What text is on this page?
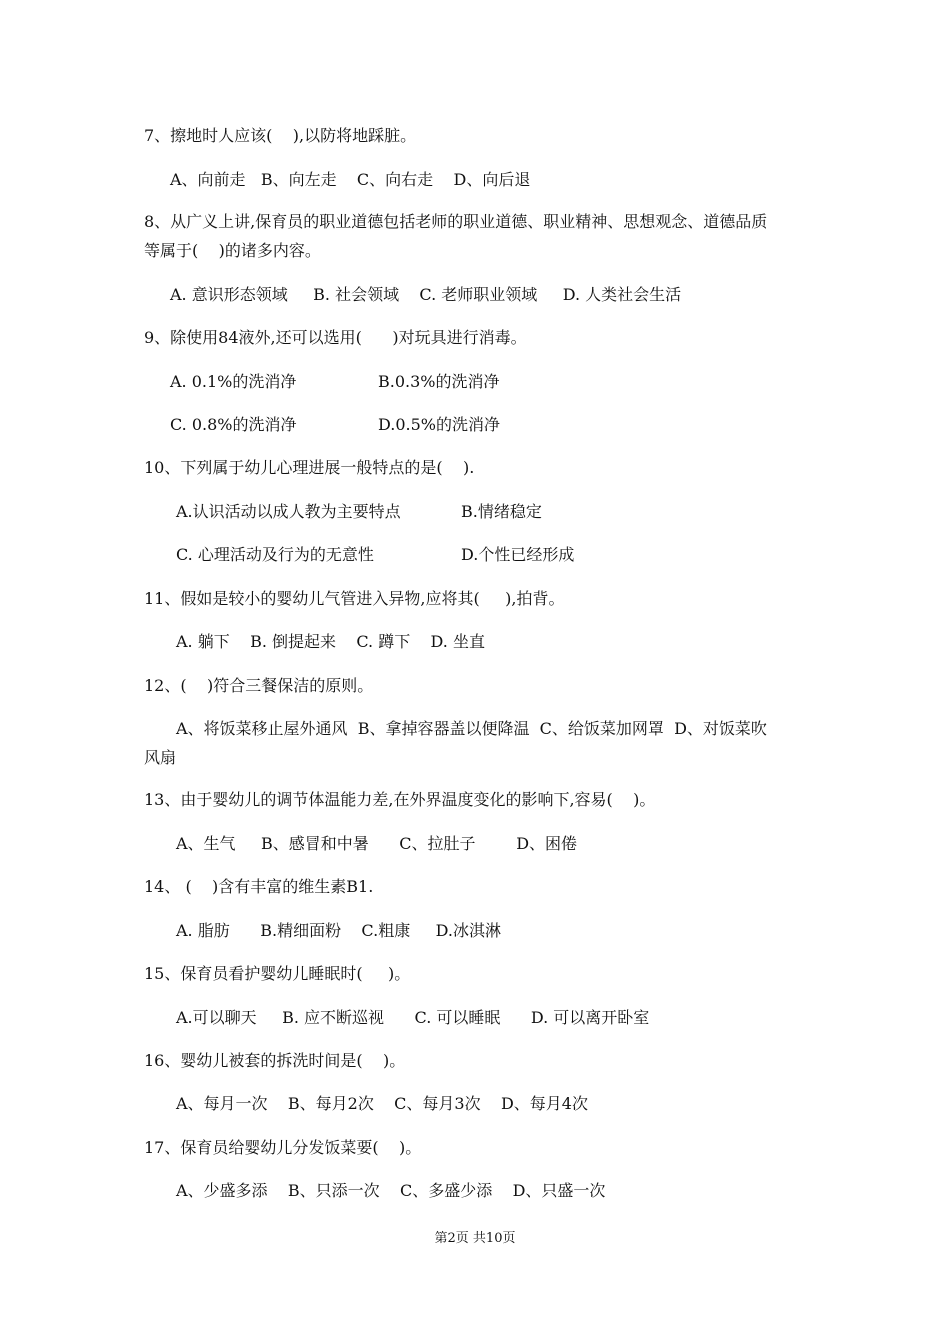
7、擦地时人应该(    ),以防将地踩脏。
A、向前走   B、向左走    C、向右走    D、向后退
8、从广义上讲,保育员的职业道德包括老师的职业道德、职业精神、思想观念、道德品质
等属于(    )的诸多内容。
A. 意识形态领域     B. 社会领域    C. 老师职业领域     D. 人类社会生活
9、除使用84液外,还可以选用(      )对玩具进行消毒。
A. 0.1%的洗消净	B.0.3%的洗消净
C. 0.8%的洗消净	D.0.5%的洗消净
10、下列属于幼儿心理进展一般特点的是(    ).
A.认识活动以成人教为主要特点	B.情绪稳定
C. 心理活动及行为的无意性	D.个性已经形成
11、假如是较小的婴幼儿气管进入异物,应将其(     ),拍背。
A. 躺下    B. 倒提起来    C. 蹲下    D. 坐直
12、(    )符合三餐保洁的原则。
A、将饭菜移止屋外通风  B、拿掉容器盖以便降温  C、给饭菜加网罩  D、对饭菜吹
风扇
13、由于婴幼儿的调节体温能力差,在外界温度变化的影响下,容易(    )。
A、生气     B、感冒和中暑      C、拉肚子        D、困倦
14、 (    )含有丰富的维生素B1.
A. 脂肪      B.精细面粉    C.粗康     D.冰淇淋
15、保育员看护婴幼儿睡眠时(     )。
A.可以聊天     B. 应不断巡视      C. 可以睡眠      D. 可以离开卧室
16、婴幼儿被套的拆洗时间是(    )。
A、每月一次    B、每月2次    C、每月3次    D、每月4次
17、保育员给婴幼儿分发饭菜要(    )。
A、少盛多添    B、只添一次    C、多盛少添    D、只盛一次
第2页 共10页
